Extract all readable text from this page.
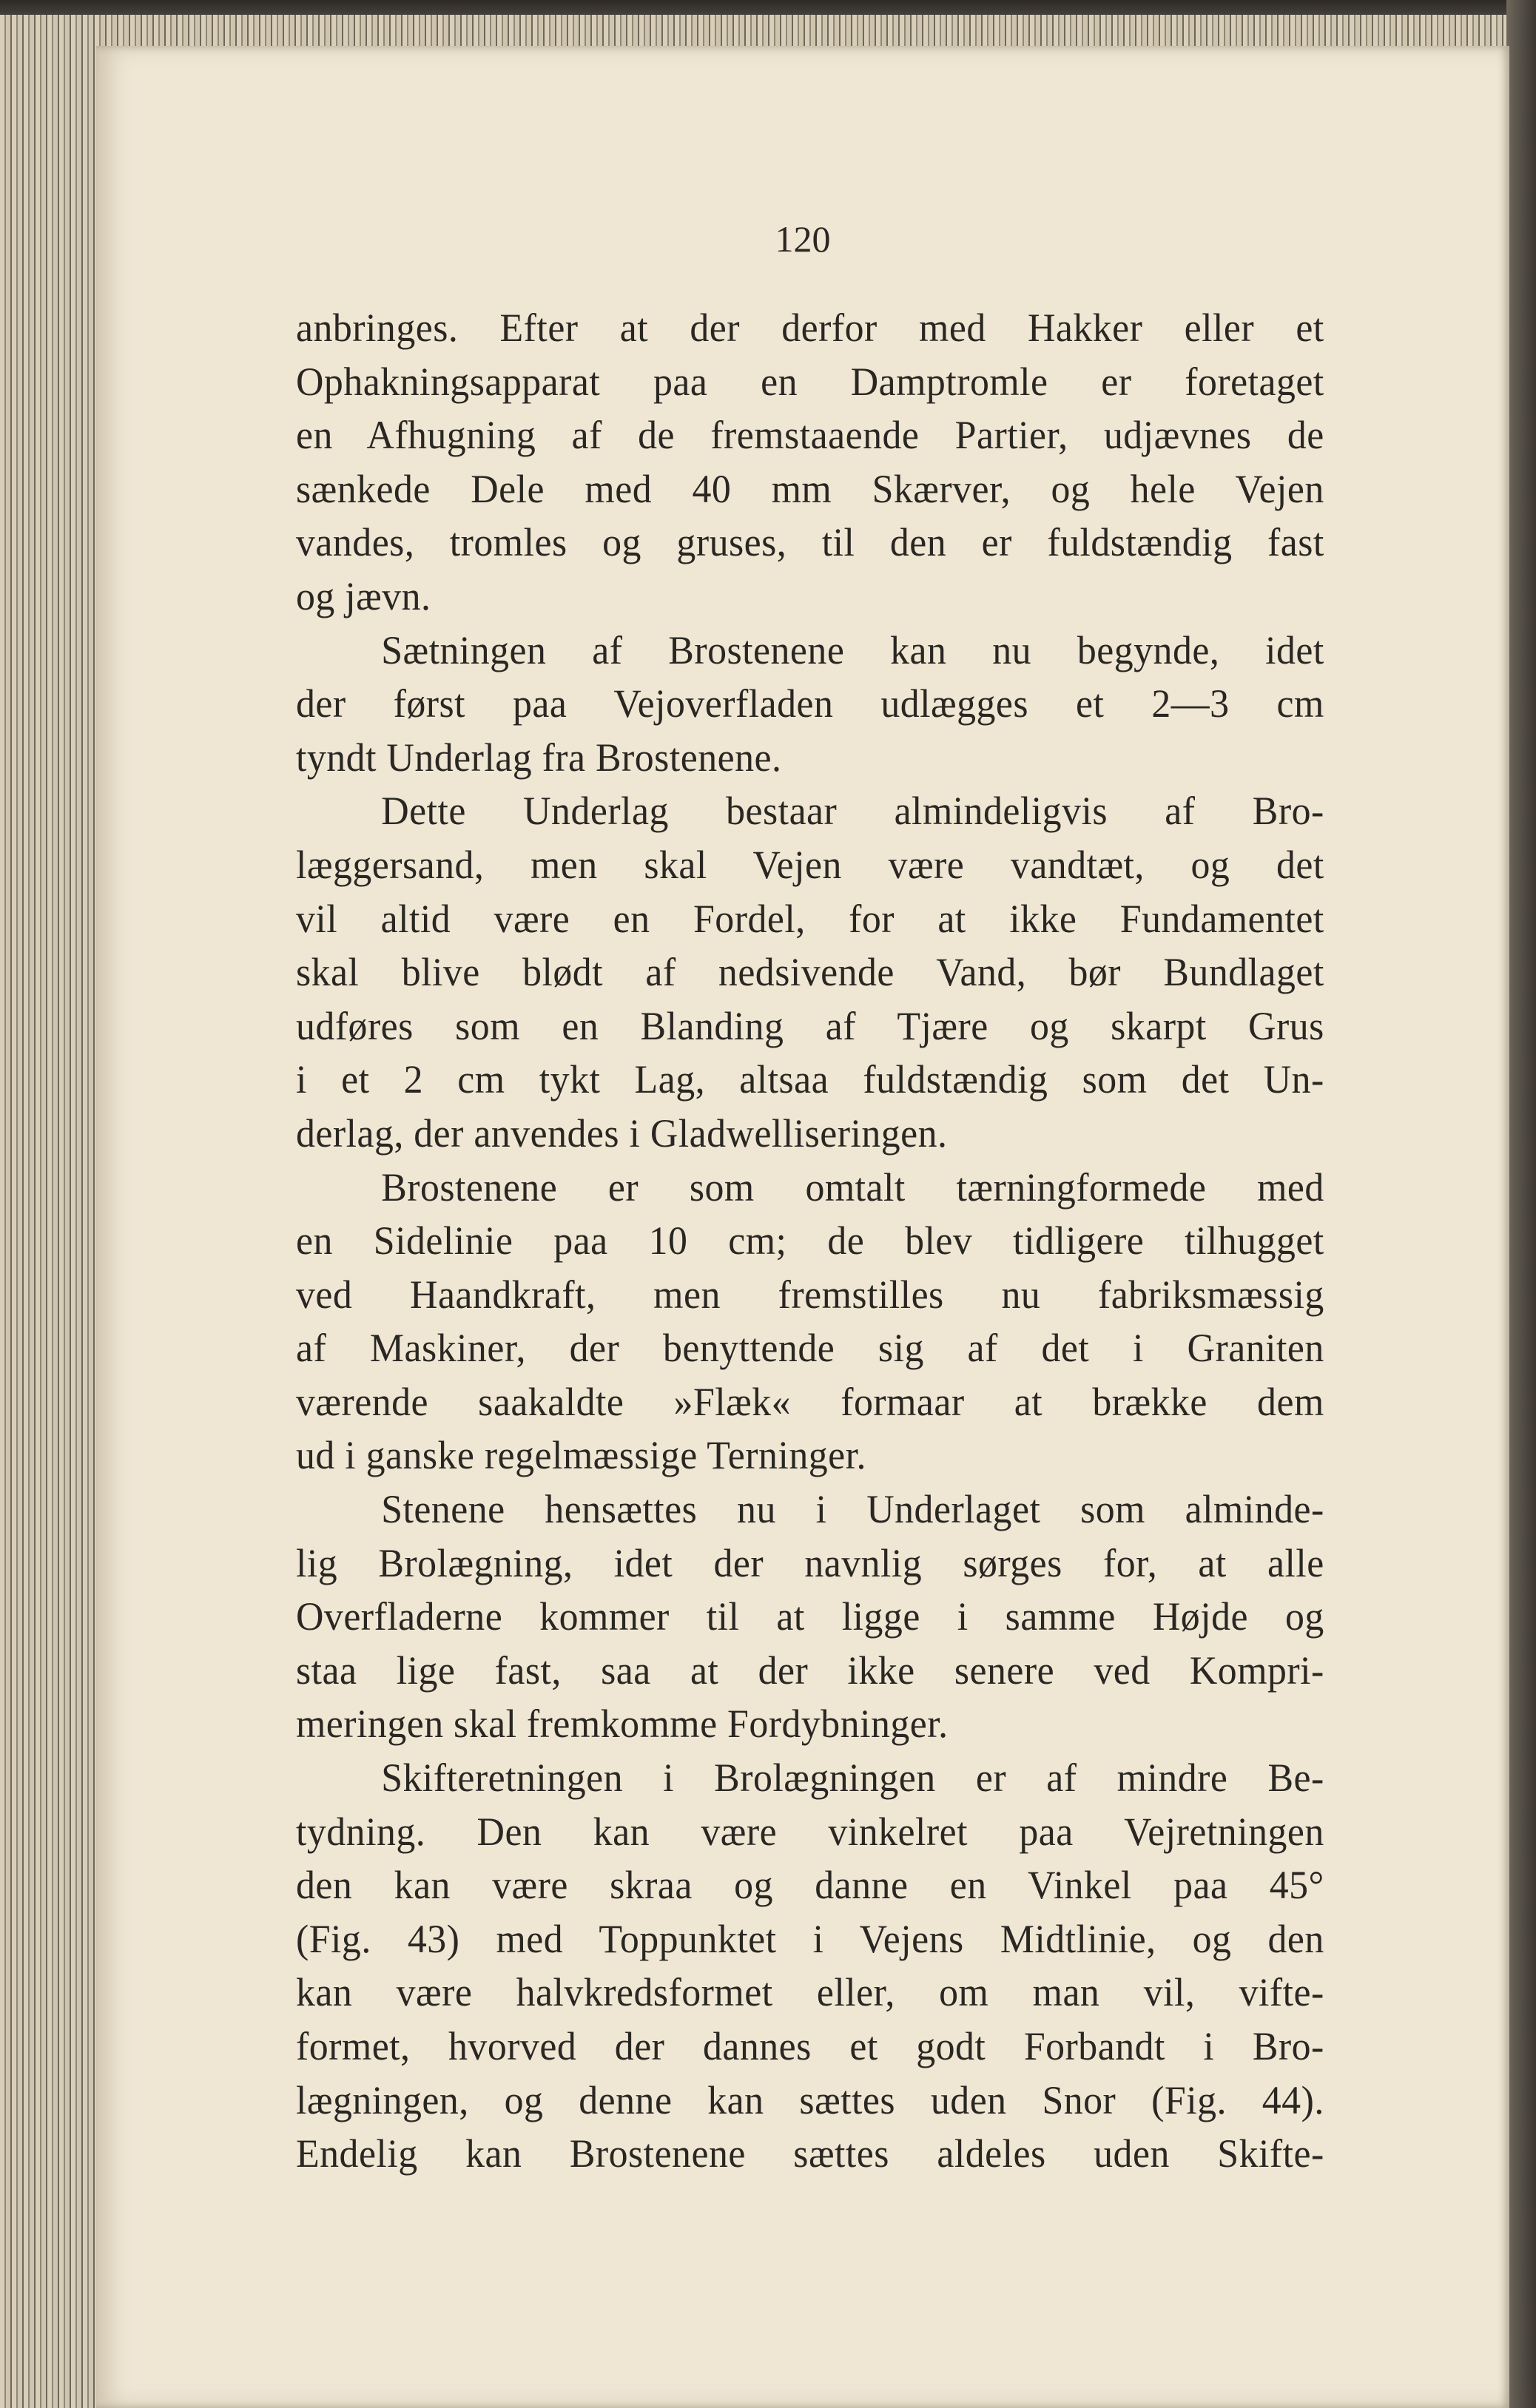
120
anbringes. Efter at der derfor med Hakker eller et
Ophakningsapparat paa en Damptromle er foretaget
en Afhugning af de fremstaaende Partier, udjævnes de
sænkede Dele med 40 mm Skærver, og hele Vejen
vandes, tromles og gruses, til den er fuldstændig fast
og jævn.
Sætningen af Brostenene kan nu begynde, idet
der først paa Vejoverfladen udlægges et 2—3 cm
tyndt Underlag fra Brostenene.
Dette Underlag bestaar almindeligvis af Bro-
læggersand, men skal Vejen være vandtæt, og det
vil altid være en Fordel, for at ikke Fundamentet
skal blive blødt af nedsivende Vand, bør Bundlaget
udføres som en Blanding af Tjære og skarpt Grus
i et 2 cm tykt Lag, altsaa fuldstændig som det Un-
derlag, der anvendes i Gladwelliseringen.
Brostenene er som omtalt tærningformede med
en Sidelinie paa 10 cm; de blev tidligere tilhugget
ved Haandkraft, men fremstilles nu fabriksmæssig
af Maskiner, der benyttende sig af det i Graniten
værende saakaldte »Flæk« formaar at brække dem
ud i ganske regelmæssige Terninger.
Stenene hensættes nu i Underlaget som alminde-
lig Brolægning, idet der navnlig sørges for, at alle
Overfladerne kommer til at ligge i samme Højde og
staa lige fast, saa at der ikke senere ved Kompri-
meringen skal fremkomme Fordybninger.
Skifteretningen i Brolægningen er af mindre Be-
tydning. Den kan være vinkelret paa Vejretningen
den kan være skraa og danne en Vinkel paa 45°
(Fig. 43) med Toppunktet i Vejens Midtlinie, og den
kan være halvkredsformet eller, om man vil, vifte-
formet, hvorved der dannes et godt Forbandt i Bro-
lægningen, og denne kan sættes uden Snor (Fig. 44).
Endelig kan Brostenene sættes aldeles uden Skifte-
